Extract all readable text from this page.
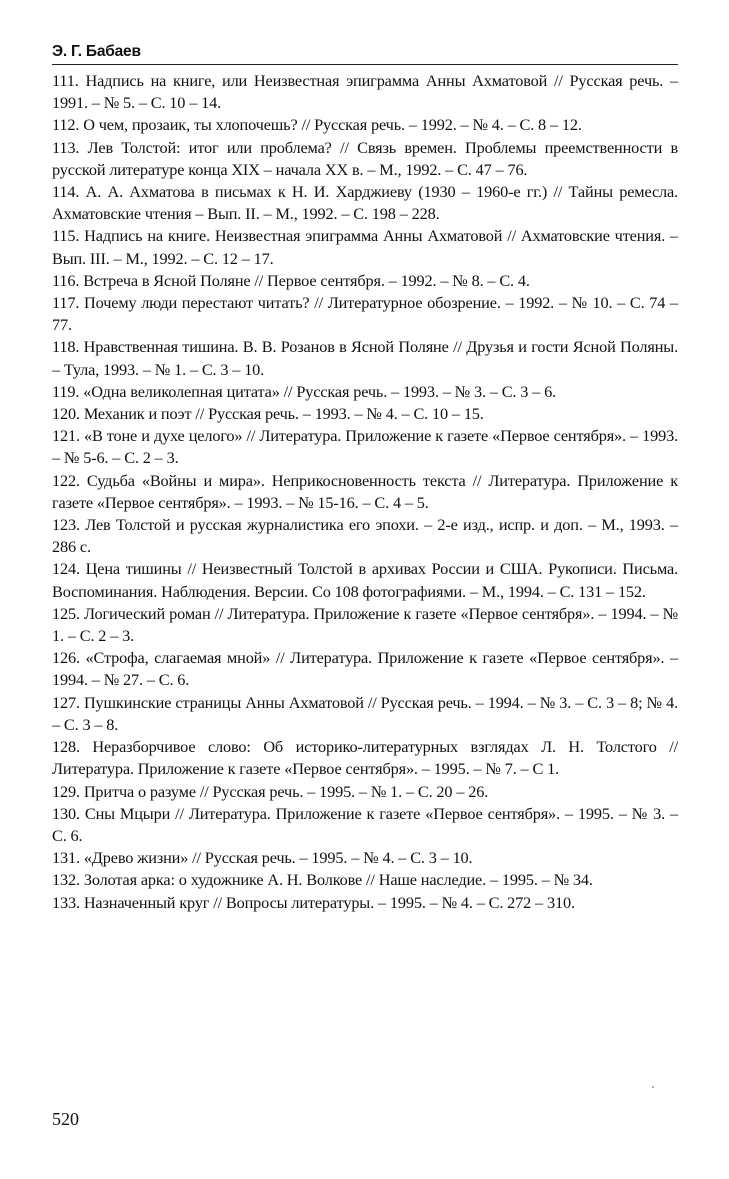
Э. Г. Бабаев

111. Надпись на книге, или Неизвестная эпиграмма Анны Ахматовой // Русская речь. – 1991. – № 5. – С. 10 – 14.

112. О чем, прозаик, ты хлопочешь? // Русская речь. – 1992. – № 4. – С. 8 – 12.

113. Лев Толстой: итог или проблема? // Связь времен. Проблемы преемственности в русской литературе конца XIX – начала XX в. – М., 1992. – С. 47 – 76.

114. А. А. Ахматова в письмах к Н. И. Харджиеву (1930 – 1960-е гг.) // Тайны ремесла. Ахматовские чтения – Вып. II. – М., 1992. – С. 198 – 228.

115. Надпись на книге. Неизвестная эпиграмма Анны Ахматовой // Ахматовские чтения. – Вып. III. – М., 1992. – С. 12 – 17.

116. Встреча в Ясной Поляне // Первое сентября. – 1992. – № 8. – С. 4.

117. Почему люди перестают читать? // Литературное обозрение. – 1992. – № 10. – С. 74 – 77.

118. Нравственная тишина. В. В. Розанов в Ясной Поляне // Друзья и гости Ясной Поляны. – Тула, 1993. – № 1. – С. 3 – 10.

119. «Одна великолепная цитата» // Русская речь. – 1993. – № 3. – С. 3 – 6.

120. Механик и поэт // Русская речь. – 1993. – № 4. – С. 10 – 15.

121. «В тоне и духе целого» // Литература. Приложение к газете «Первое сентября». – 1993. – № 5-6. – С. 2 – 3.

122. Судьба «Войны и мира». Неприкосновенность текста // Литература. Приложение к газете «Первое сентября». – 1993. – № 15-16. – С. 4 – 5.

123. Лев Толстой и русская журналистика его эпохи. – 2-е изд., испр. и доп. – М., 1993. – 286 с.

124. Цена тишины // Неизвестный Толстой в архивах России и США. Рукописи. Письма. Воспоминания. Наблюдения. Версии. Со 108 фотографиями. – М., 1994. – С. 131 – 152.

125. Логический роман // Литература. Приложение к газете «Первое сентября». – 1994. – № 1. – С. 2 – 3.

126. «Строфа, слагаемая мной» // Литература. Приложение к газете «Первое сентября». – 1994. – № 27. – С. 6.

127. Пушкинские страницы Анны Ахматовой // Русская речь. – 1994. – № 3. – С. 3 – 8; № 4. – С. 3 – 8.

128. Неразборчивое слово: Об историко-литературных взглядах Л. Н. Толстого // Литература. Приложение к газете «Первое сентября». – 1995. – № 7. – С 1.

129. Притча о разуме // Русская речь. – 1995. – № 1. – С. 20 – 26.

130. Сны Мцыри // Литература. Приложение к газете «Первое сентября». – 1995. – № 3. – С. 6.

131. «Древо жизни» // Русская речь. – 1995. – № 4. – С. 3 – 10.

132. Золотая арка: о художнике А. Н. Волкове // Наше наследие. – 1995. – № 34.

133. Назначенный круг // Вопросы литературы. – 1995. – № 4. – С. 272 – 310.

520
